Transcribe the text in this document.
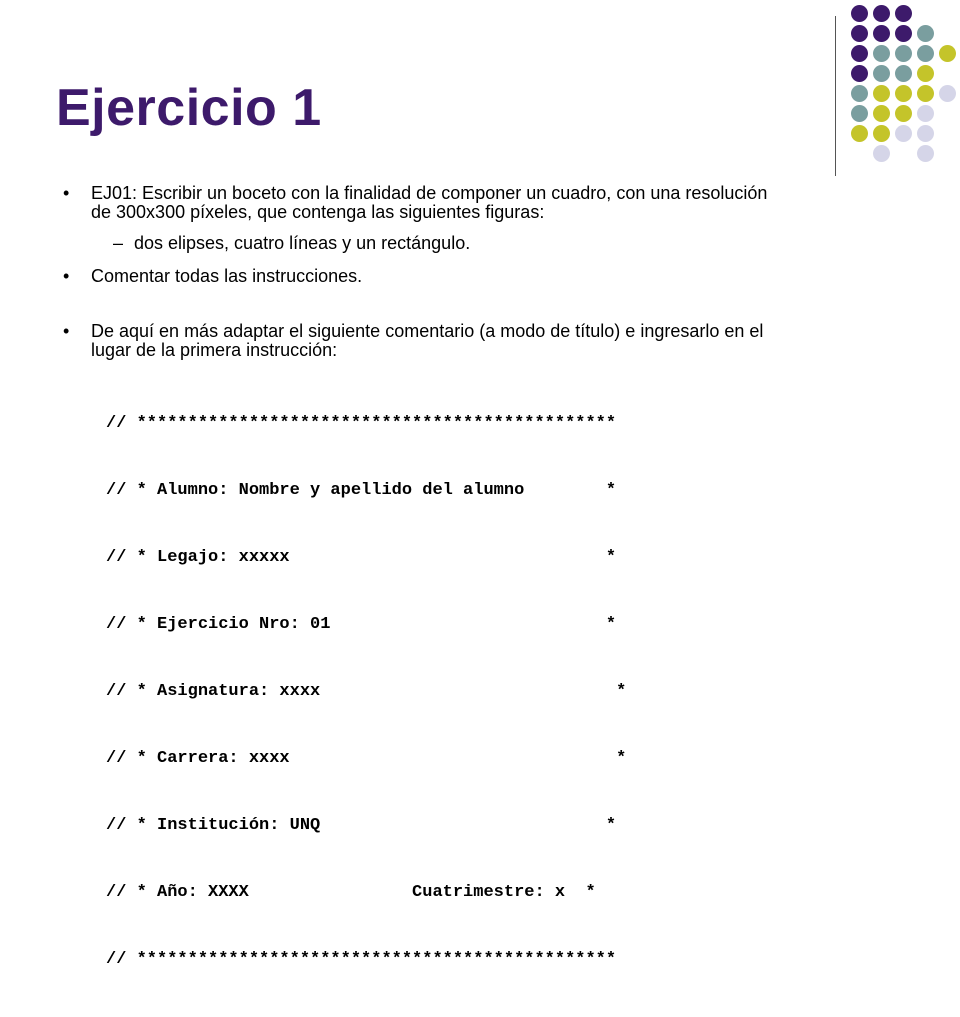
Ejercicio 1
• EJ01: Escribir un boceto con la finalidad de componer un cuadro, con una resolución
de 300x300 píxeles, que contenga las siguientes figuras:
– dos elipses, cuatro líneas y un rectángulo.
• Comentar todas las instrucciones.
• De aquí en más adaptar el siguiente comentario (a modo de título) e ingresarlo en el
lugar de la primera instrucción:

// ***********************************************

// * Alumno: Nombre y apellido del alumno        *

// * Legajo: xxxxx                               *

// * Ejercicio Nro: 01                           *

// * Asignatura: xxxx                             *

// * Carrera: xxxx                                *

// * Institución: UNQ                            *

// * Año: XXXX                Cuatrimestre: x  *

// ***********************************************
